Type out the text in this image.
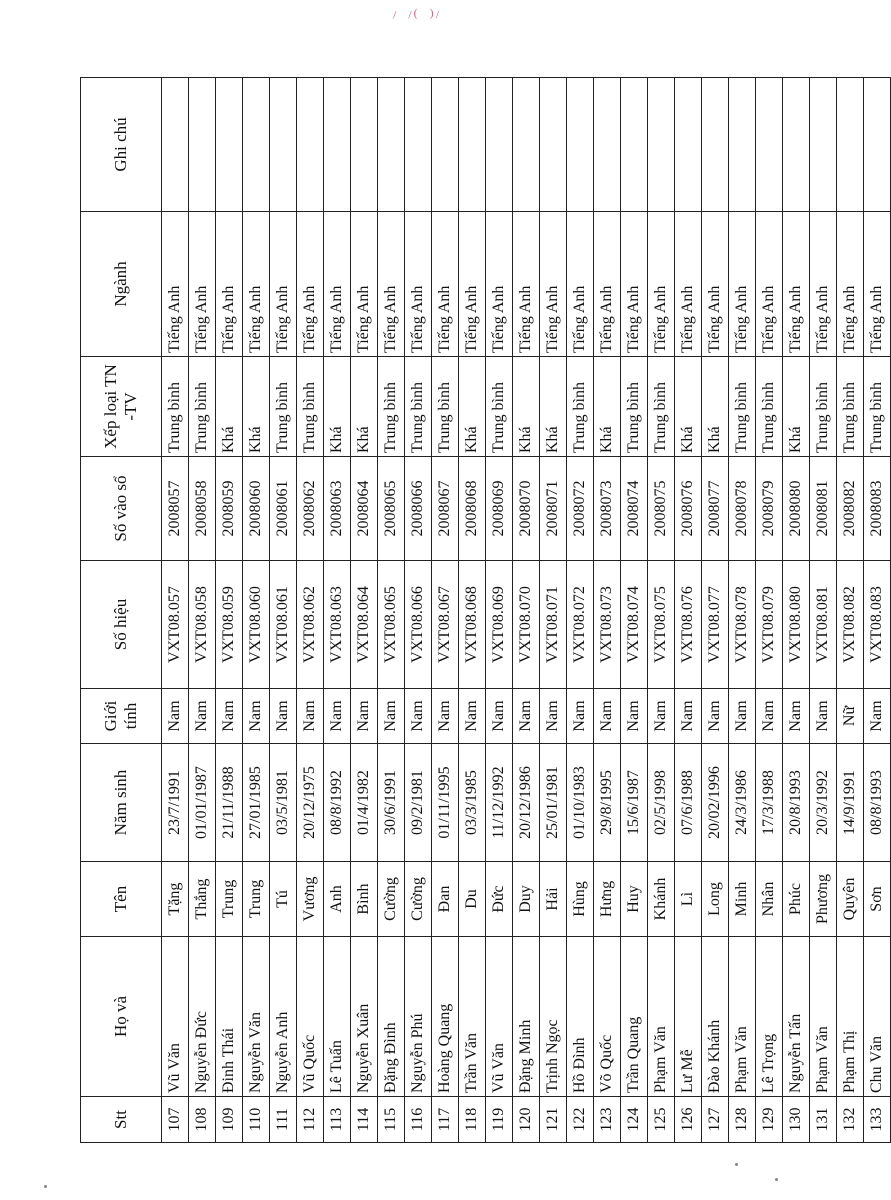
/(  )/  /
Stt	Họ và	Tên	Năm sinh	Giới tính	Số hiệu	Số vào sổ	Xếp loại TN -TV	Ngành	Ghi chú
107	Vũ Văn	Tặng	23/7/1991	Nam	VXT08.057	2008057	Trung bình	Tiếng Anh	
108	Nguyễn Đức	Thắng	01/01/1987	Nam	VXT08.058	2008058	Trung bình	Tiếng Anh	
109	Đinh Thái	Trung	21/11/1988	Nam	VXT08.059	2008059	Khá	Tiếng Anh	
110	Nguyễn Văn	Trung	27/01/1985	Nam	VXT08.060	2008060	Khá	Tiếng Anh	
111	Nguyễn Anh	Tú	03/5/1981	Nam	VXT08.061	2008061	Trung bình	Tiếng Anh	
112	Vũ Quốc	Vương	20/12/1975	Nam	VXT08.062	2008062	Trung bình	Tiếng Anh	
113	Lê Tuấn	Anh	08/8/1992	Nam	VXT08.063	2008063	Khá	Tiếng Anh	
114	Nguyễn Xuân	Bình	01/4/1982	Nam	VXT08.064	2008064	Khá	Tiếng Anh	
115	Đặng Đình	Cường	30/6/1991	Nam	VXT08.065	2008065	Trung bình	Tiếng Anh	
116	Nguyễn Phú	Cường	09/2/1981	Nam	VXT08.066	2008066	Trung bình	Tiếng Anh	
117	Hoàng Quang	Đan	01/11/1995	Nam	VXT08.067	2008067	Trung bình	Tiếng Anh	
118	Trần Văn	Du	03/3/1985	Nam	VXT08.068	2008068	Khá	Tiếng Anh	
119	Vũ Văn	Đức	11/12/1992	Nam	VXT08.069	2008069	Trung bình	Tiếng Anh	
120	Đặng Minh	Duy	20/12/1986	Nam	VXT08.070	2008070	Khá	Tiếng Anh	
121	Trịnh Ngọc	Hải	25/01/1981	Nam	VXT08.071	2008071	Khá	Tiếng Anh	
122	Hồ Đình	Hùng	01/10/1983	Nam	VXT08.072	2008072	Trung bình	Tiếng Anh	
123	Võ Quốc	Hưng	29/8/1995	Nam	VXT08.073	2008073	Khá	Tiếng Anh	
124	Trần Quang	Huy	15/6/1987	Nam	VXT08.074	2008074	Trung bình	Tiếng Anh	
125	Phạm Văn	Khánh	02/5/1998	Nam	VXT08.075	2008075	Trung bình	Tiếng Anh	
126	Lư Mễ	Lì	07/6/1988	Nam	VXT08.076	2008076	Khá	Tiếng Anh	
127	Đào Khánh	Long	20/02/1996	Nam	VXT08.077	2008077	Khá	Tiếng Anh	
128	Phạm Văn	Minh	24/3/1986	Nam	VXT08.078	2008078	Trung bình	Tiếng Anh	
129	Lê Trọng	Nhân	17/3/1988	Nam	VXT08.079	2008079	Trung bình	Tiếng Anh	
130	Nguyễn Tấn	Phúc	20/8/1993	Nam	VXT08.080	2008080	Khá	Tiếng Anh	
131	Phạm Văn	Phương	20/3/1992	Nam	VXT08.081	2008081	Trung bình	Tiếng Anh	
132	Phạm Thị	Quyên	14/9/1991	Nữ	VXT08.082	2008082	Trung bình	Tiếng Anh	
133	Chu Văn	Sơn	08/8/1993	Nam	VXT08.083	2008083	Trung bình	Tiếng Anh	
